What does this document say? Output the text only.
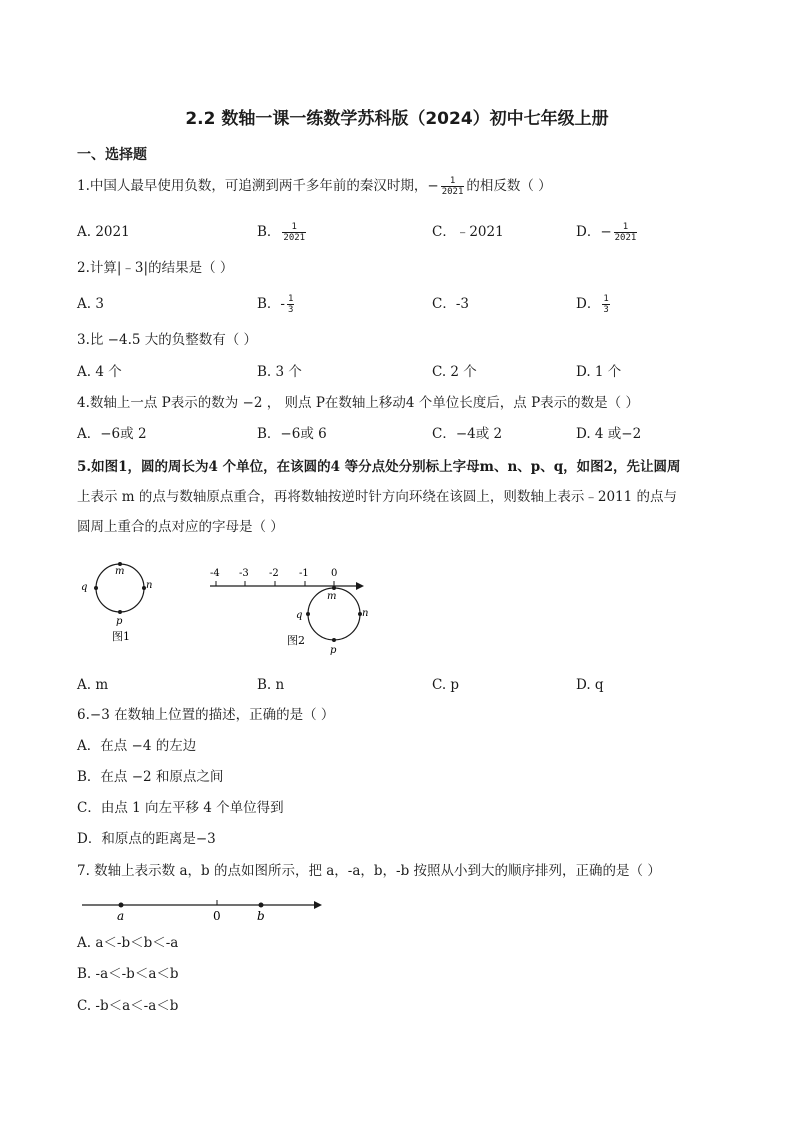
2.2 数轴一课一练数学苏科版（2024）初中七年级上册
一、选择题
1.中国人最早使用负数，可追溯到两千多年前的秦汉时期，− $\frac{1}{2021}$ 的相反数（ ）
A. 2021	B． $\frac{1}{2021}$	C．﹣2021	D．− $\frac{1}{2021}$
2.计算|﹣3|的结果是（ ）
A. 3	B．- $\frac{1}{3}$	C．-3	D． $\frac{1}{3}$
3.比 −4.5 大的负整数有（ ）
A. 4 个	B. 3 个	C. 2 个	D. 1 个
4.数轴上一点 P表示的数为 −2 ， 则点 P在数轴上移动4 个单位长度后，点 P表示的数是（ ）
A．−6或 2	B．−6或 6	C．−4或 2	D. 4 或−2
5.如图1，圆的周长为4 个单位，在该圆的4 等分点处分别标上字母m、n、p、q，如图2，先让圆周
上表示 m 的点与数轴原点重合，再将数轴按逆时针方向环绕在该圆上，则数轴上表示﹣2011 的点与
圆周上重合的点对应的字母是（ ）
m
n
p
q
图1
-4 -3 -2 -1 0
m
n
p
q
图2
A. m	B. n	C. p	D. q
6.−3 在数轴上位置的描述，正确的是（ ）
A．在点 −4 的左边
B．在点 −2 和原点之间
C．由点 1 向左平移 4 个单位得到
D．和原点的距离是−3
7. 数轴上表示数 a，b 的点如图所示，把 a，-a，b，-b 按照从小到大的顺序排列，正确的是（ ）
a	0	b
A. a＜-b＜b＜-a
B. -a＜-b＜a＜b
C. -b＜a＜-a＜b
